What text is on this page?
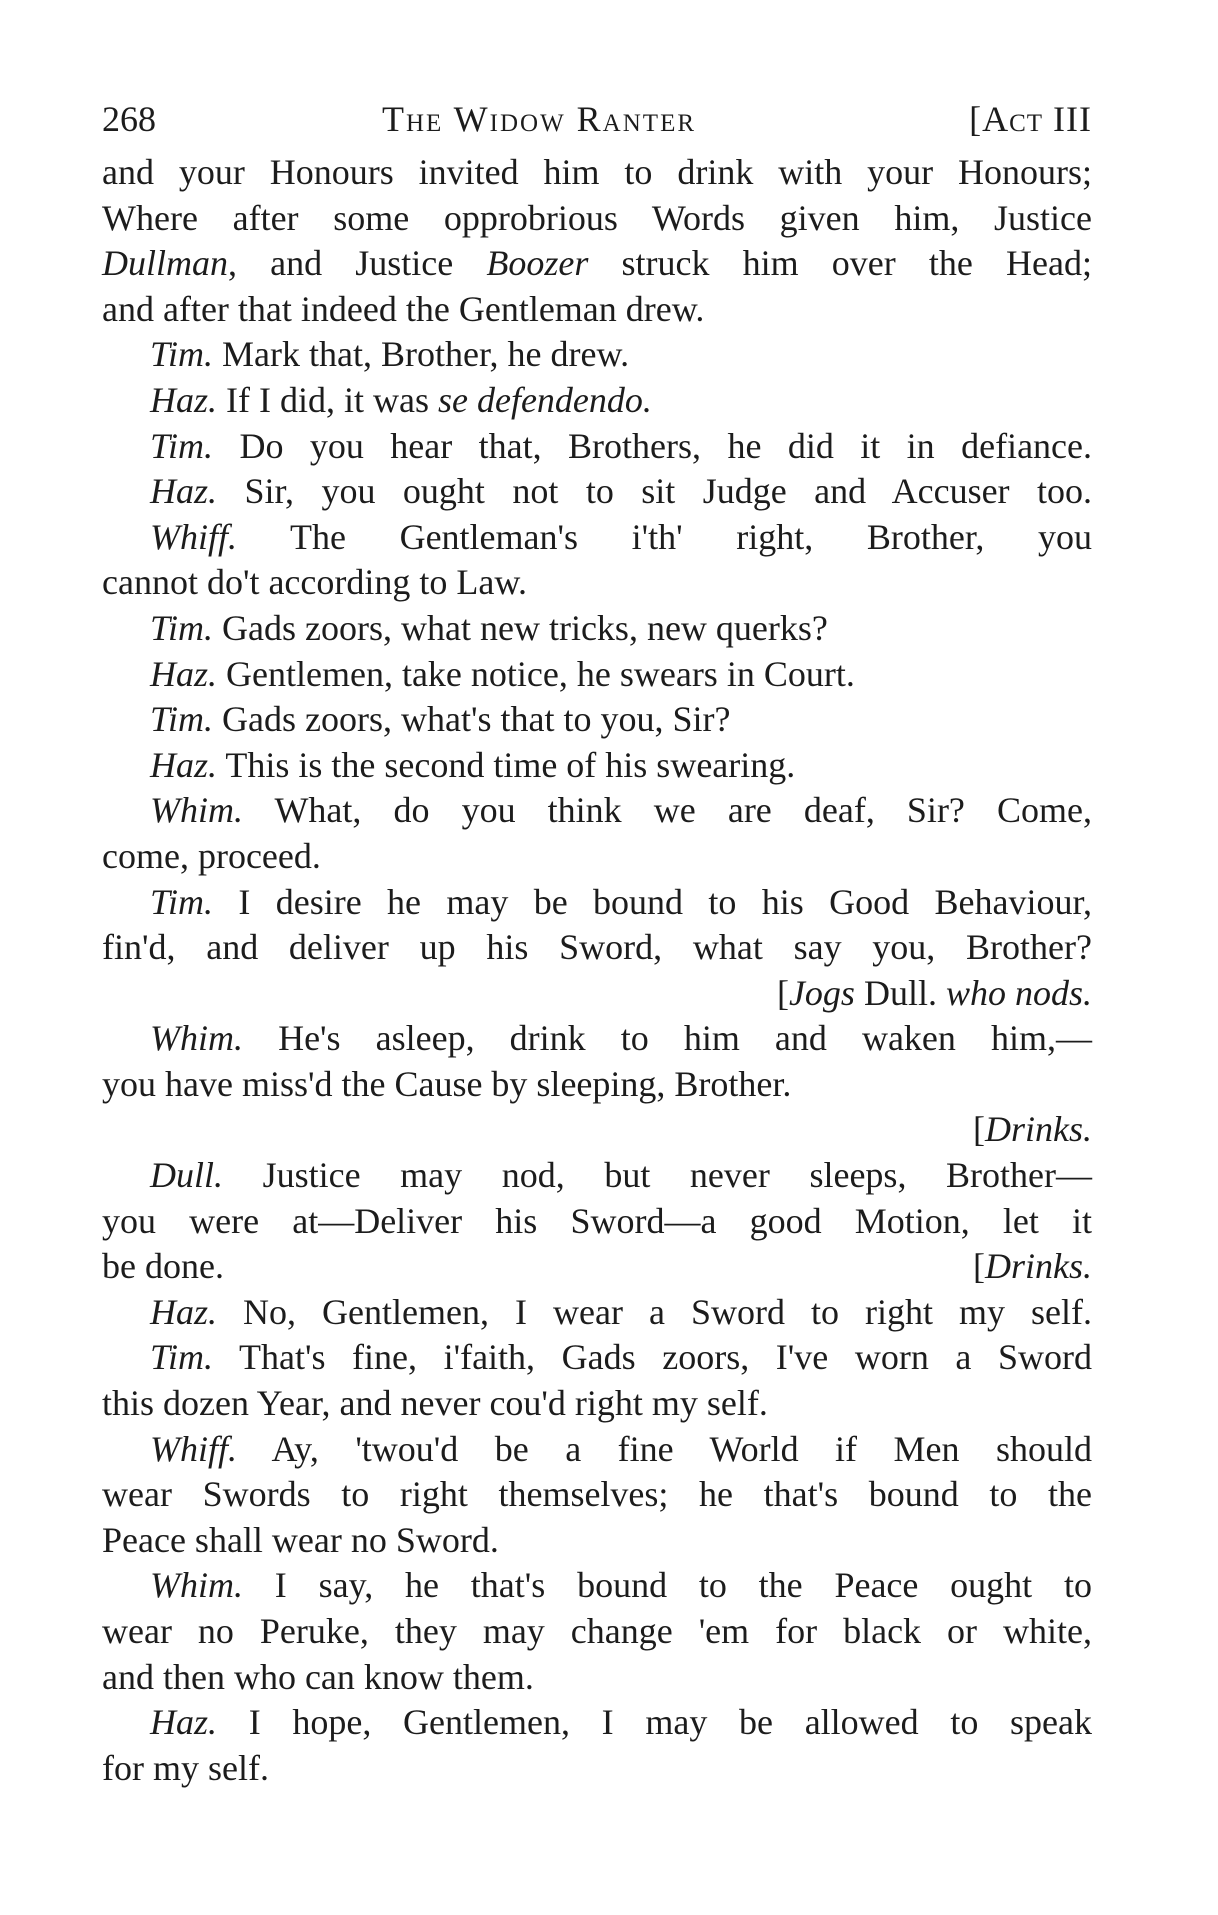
268	The Widow Ranter	[Act III
and your Honours invited him to drink with your Honours;
Where after some opprobrious Words given him, Justice
Dullman, and Justice Boozer struck him over the Head;
and after that indeed the Gentleman drew.
Tim. Mark that, Brother, he drew.
Haz. If I did, it was se defendendo.
Tim. Do you hear that, Brothers, he did it in defiance.
Haz. Sir, you ought not to sit Judge and Accuser too.
Whiff. The Gentleman's i'th' right, Brother, you
cannot do't according to Law.
Tim. Gads zoors, what new tricks, new querks?
Haz. Gentlemen, take notice, he swears in Court.
Tim. Gads zoors, what's that to you, Sir?
Haz. This is the second time of his swearing.
Whim. What, do you think we are deaf, Sir? Come,
come, proceed.
Tim. I desire he may be bound to his Good Behaviour,
fin'd, and deliver up his Sword, what say you, Brother?
[Jogs Dull. who nods.
Whim. He's asleep, drink to him and waken him,—
you have miss'd the Cause by sleeping, Brother.
[Drinks.
Dull. Justice may nod, but never sleeps, Brother—
you were at—Deliver his Sword—a good Motion, let it
be done.	[Drinks.
Haz. No, Gentlemen, I wear a Sword to right my self.
Tim. That's fine, i'faith, Gads zoors, I've worn a Sword
this dozen Year, and never cou'd right my self.
Whiff. Ay, 'twou'd be a fine World if Men should
wear Swords to right themselves; he that's bound to the
Peace shall wear no Sword.
Whim. I say, he that's bound to the Peace ought to
wear no Peruke, they may change 'em for black or white,
and then who can know them.
Haz. I hope, Gentlemen, I may be allowed to speak
for my self.
